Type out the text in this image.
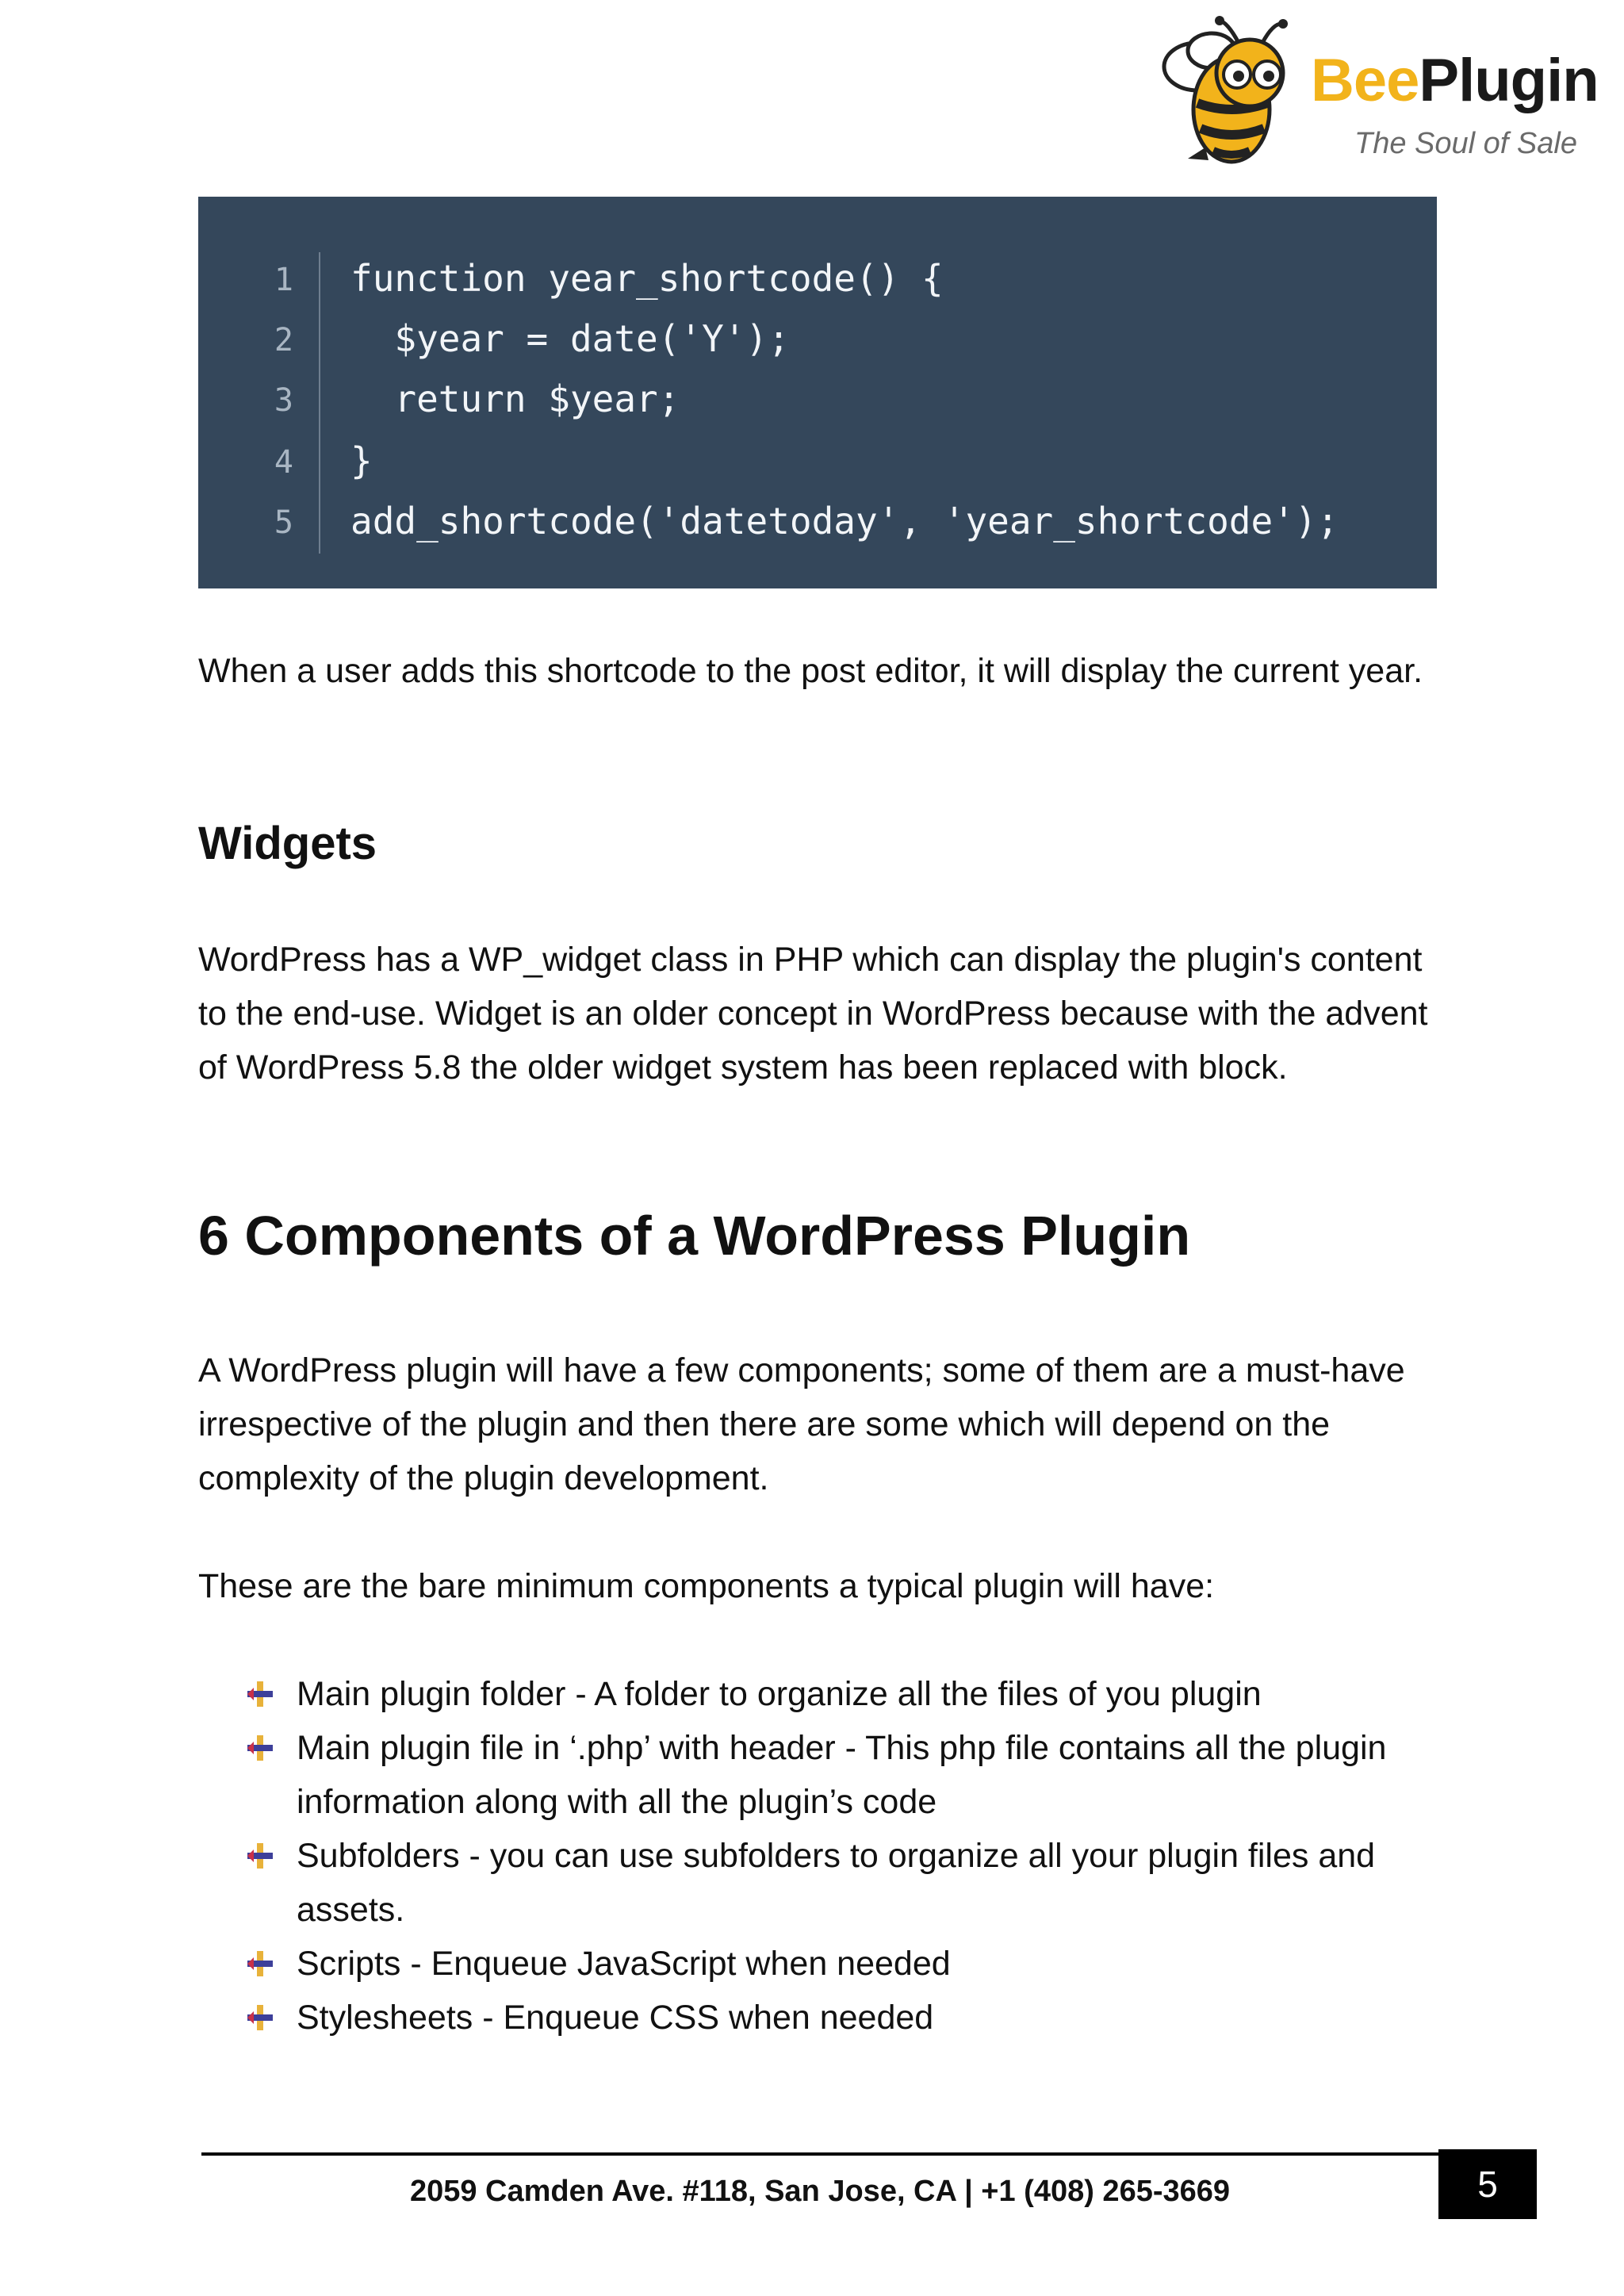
BeePlugin
The Soul of Sale
1 function year_shortcode() {
2 $year = date('Y');
3 return $year;
4 }
5 add_shortcode('datetoday', 'year_shortcode');

When a user adds this shortcode to the post editor, it will display the current year.

Widgets

WordPress has a WP_widget class in PHP which can display the plugin's content to the end-use. Widget is an older concept in WordPress because with the advent of WordPress 5.8 the older widget system has been replaced with block.

6 Components of a WordPress Plugin

A WordPress plugin will have a few components; some of them are a must-have irrespective of the plugin and then there are some which will depend on the complexity of the plugin development.

These are the bare minimum components a typical plugin will have:

Main plugin folder - A folder to organize all the files of you plugin
Main plugin file in ‘.php’ with header - This php file contains all the plugin information along with all the plugin’s code
Subfolders - you can use subfolders to organize all your plugin files and assets.
Scripts - Enqueue JavaScript when needed
Stylesheets - Enqueue CSS when needed
2059 Camden Ave. #118, San Jose, CA | +1 (408) 265-3669	5
